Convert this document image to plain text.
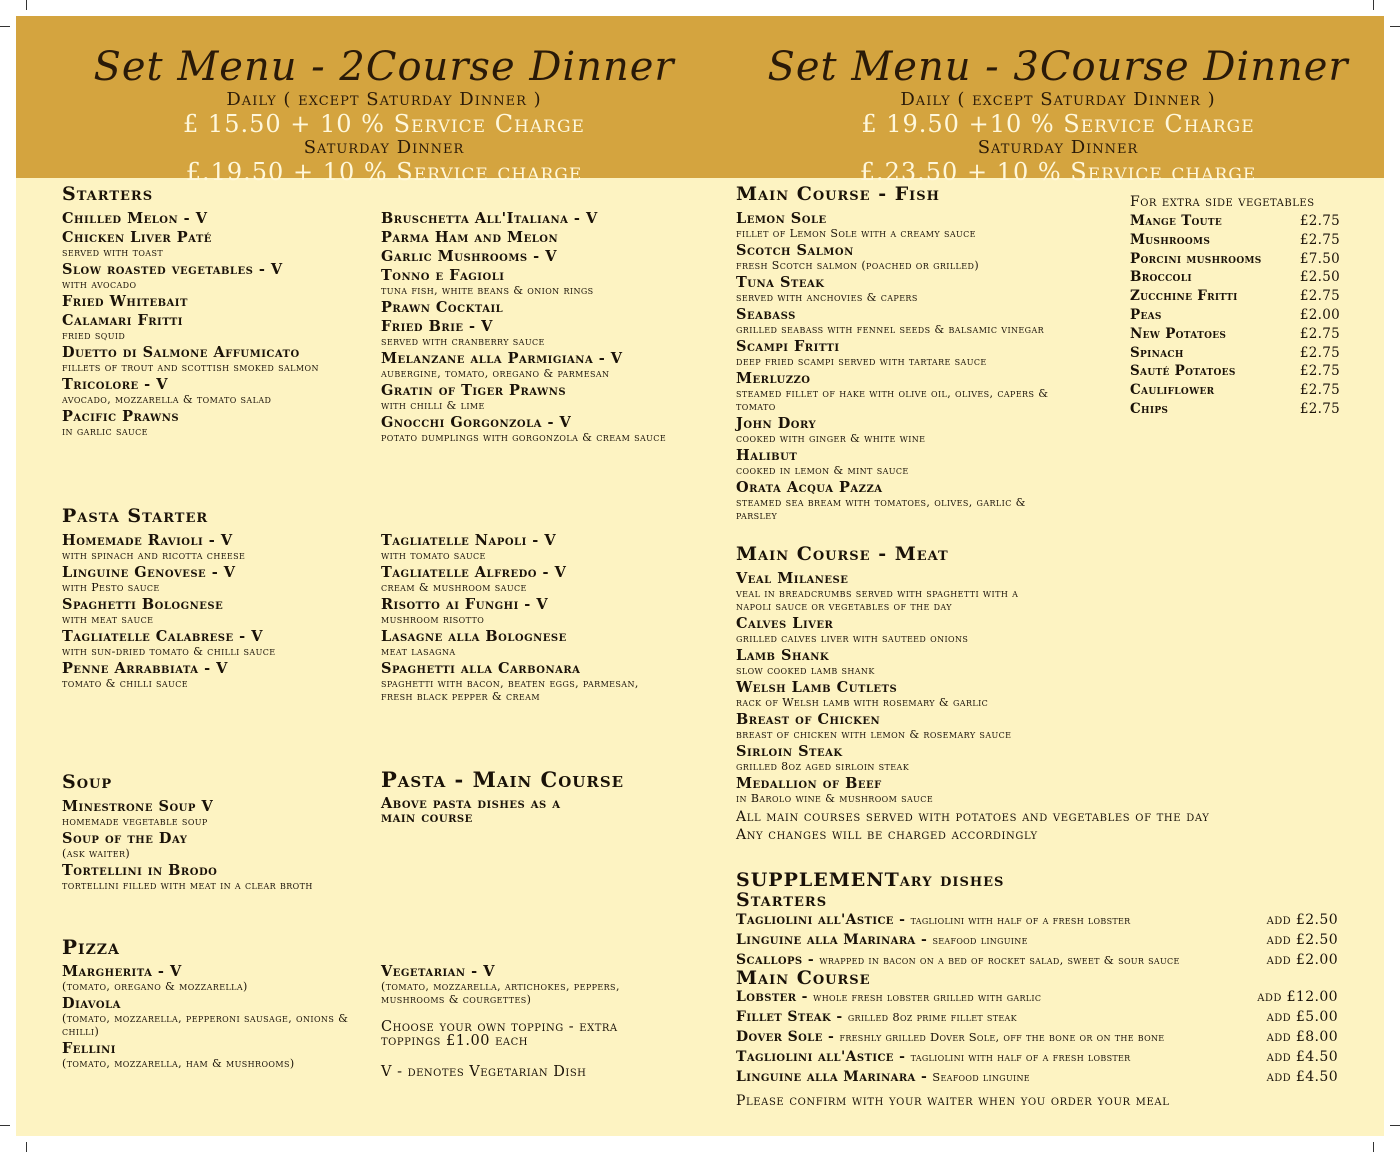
Set Menu - 2Course Dinner
Daily ( except Saturday Dinner )
£ 15.50 + 10 % Service Charge
Saturday Dinner
£.19.50 + 10 % Service charge
Set Menu - 3Course Dinner
Daily ( except Saturday Dinner )
£ 19.50 +10 % Service Charge
Saturday Dinner
£.23.50 + 10 % Service charge
Starters
Chilled Melon - V
Chicken Liver Paté
served with toast
Slow roasted vegetables - V
with avocado
Fried Whitebait
Calamari Fritti
fried squid
Duetto di Salmone Affumicato
fillets of trout and scottish smoked salmon
Tricolore - V
avocado, mozzarella & tomato salad
Pacific Prawns
in garlic sauce
Bruschetta All'Italiana - V
Parma Ham and Melon
Garlic Mushrooms - V
Tonno e Fagioli
tuna fish, white beans & onion rings
Prawn Cocktail
Fried Brie - V
served with cranberry sauce
Melanzane alla Parmigiana - V
aubergine, tomato, oregano & parmesan
Gratin of Tiger Prawns
with chilli & lime
Gnocchi Gorgonzola - V
potato dumplings with gorgonzola & cream sauce
Pasta Starter
Homemade Ravioli - V
with spinach and ricotta cheese
Linguine Genovese - V
with Pesto sauce
Spaghetti Bolognese
with meat sauce
Tagliatelle Calabrese - V
with sun-dried tomato & chilli sauce
Penne Arrabbiata - V
tomato & chilli sauce
Tagliatelle Napoli - V
with tomato sauce
Tagliatelle Alfredo - V
cream & mushroom sauce
Risotto ai Funghi - V
mushroom risotto
Lasagne alla Bolognese
meat lasagna
Spaghetti alla Carbonara
spaghetti with bacon, beaten eggs, parmesan, fresh black pepper & cream
Soup
Minestrone Soup V
homemade vegetable soup
Soup of the Day
(ask waiter)
Tortellini in Brodo
tortellini filled with meat in a clear broth
Pasta - Main Course
Above pasta dishes as a main course
Pizza
Margherita - V
(tomato, oregano & mozzarella)
Diavola
(tomato, mozzarella, pepperoni sausage, onions & chilli)
Fellini
(tomato, mozzarella, ham & mushrooms)
Vegetarian - V
(tomato, mozzarella, artichokes, peppers, mushrooms & courgettes)
Choose your own topping - extra toppings £1.00 each
V - denotes Vegetarian Dish
Main Course - Fish
Lemon Sole
fillet of Lemon Sole with a creamy sauce
Scotch Salmon
fresh Scotch salmon (poached or grilled)
Tuna Steak
served with anchovies & capers
Seabass
grilled seabass with fennel seeds & balsamic vinegar
Scampi Fritti
deep fried scampi served with tartare sauce
Merluzzo
steamed fillet of hake with olive oil, olives, capers & tomato
John Dory
cooked with ginger & white wine
Halibut
cooked in lemon & mint sauce
Orata Acqua Pazza
steamed sea bream with tomatoes, olives, garlic & parsley
For extra side vegetables
Mange Toute	£2.75
Mushrooms	£2.75
Porcini mushrooms	£7.50
Broccoli	£2.50
Zucchine Fritti	£2.75
Peas	£2.00
New Potatoes	£2.75
Spinach	£2.75
Sauté Potatoes	£2.75
Cauliflower	£2.75
Chips	£2.75
Main Course - Meat
Veal Milanese
veal in breadcrumbs served with spaghetti with a napoli sauce or vegetables of the day
Calves Liver
grilled calves liver with sauteed onions
Lamb Shank
slow cooked lamb shank
Welsh Lamb Cutlets
rack of Welsh lamb with rosemary & garlic
Breast of Chicken
breast of chicken with lemon & rosemary sauce
Sirloin Steak
grilled 8oz aged sirloin steak
Medallion of Beef
in Barolo wine & mushroom sauce
All main courses served with potatoes and vegetables of the day
Any changes will be charged accordingly
SUPPLEMENTary dishes
Starters
Tagliolini all'Astice - tagliolini with half of a fresh lobster	add £2.50
Linguine alla Marinara - seafood linguine	add £2.50
Scallops - wrapped in bacon on a bed of rocket salad, sweet & sour sauce	add £2.00
Main Course
Lobster - whole fresh lobster grilled with garlic	add £12.00
Fillet Steak - grilled 8oz prime fillet steak	add £5.00
Dover Sole - freshly grilled Dover Sole, off the bone or on the bone	add £8.00
Tagliolini all'Astice - tagliolini with half of a fresh lobster	add £4.50
Linguine alla Marinara - Seafood linguine	add £4.50
Please confirm with your waiter when you order your meal
